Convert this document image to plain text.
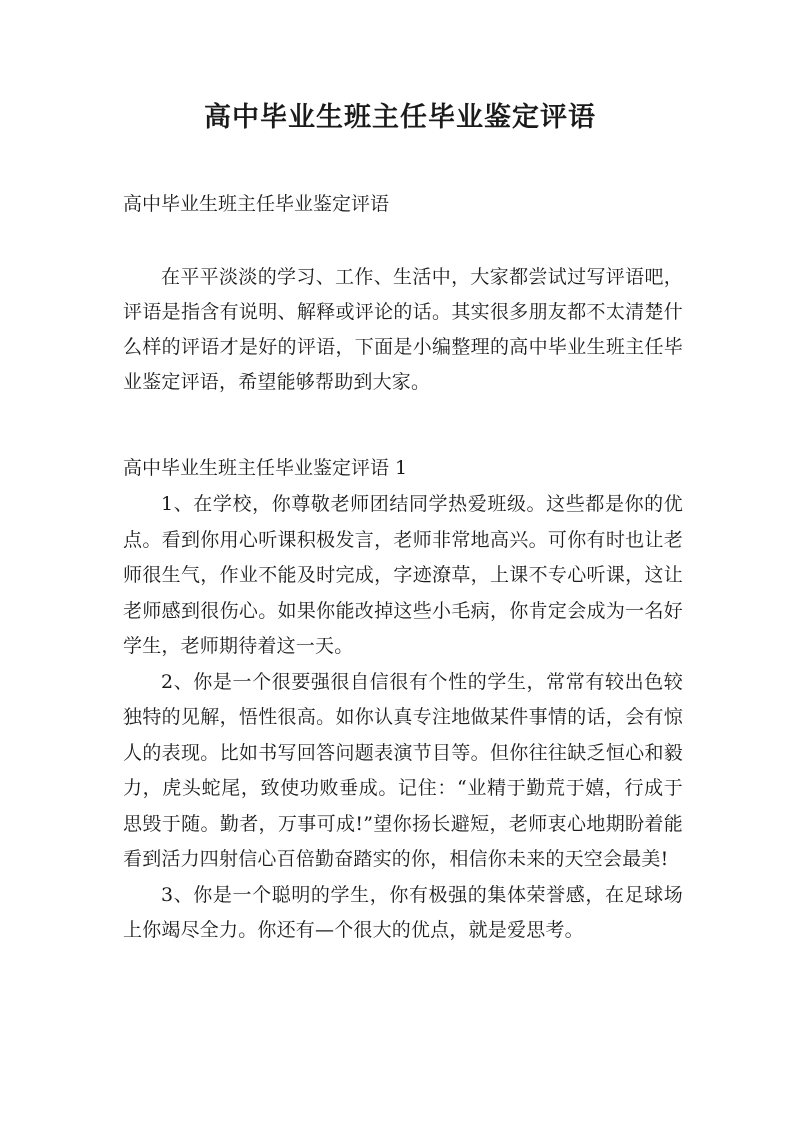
高中毕业生班主任毕业鉴定评语

高中毕业生班主任毕业鉴定评语

在平平淡淡的学习、工作、生活中，大家都尝试过写评语吧，评语是指含有说明、解释或评论的话。其实很多朋友都不太清楚什么样的评语才是好的评语，下面是小编整理的高中毕业生班主任毕业鉴定评语，希望能够帮助到大家。

高中毕业生班主任毕业鉴定评语 1

1、在学校，你尊敬老师团结同学热爱班级。这些都是你的优点。看到你用心听课积极发言，老师非常地高兴。可你有时也让老师很生气，作业不能及时完成，字迹潦草，上课不专心听课，这让老师感到很伤心。如果你能改掉这些小毛病，你肯定会成为一名好学生，老师期待着这一天。

2、你是一个很要强很自信很有个性的学生，常常有较出色较独特的见解，悟性很高。如你认真专注地做某件事情的话，会有惊人的表现。比如书写回答问题表演节目等。但你往往缺乏恒心和毅力，虎头蛇尾，致使功败垂成。记住：“业精于勤荒于嬉，行成于思毁于随。勤者，万事可成!”望你扬长避短，老师衷心地期盼着能看到活力四射信心百倍勤奋踏实的你，相信你未来的天空会最美!

3、你是一个聪明的学生，你有极强的集体荣誉感，在足球场上你竭尽全力。你还有—个很大的优点，就是爱思考。
